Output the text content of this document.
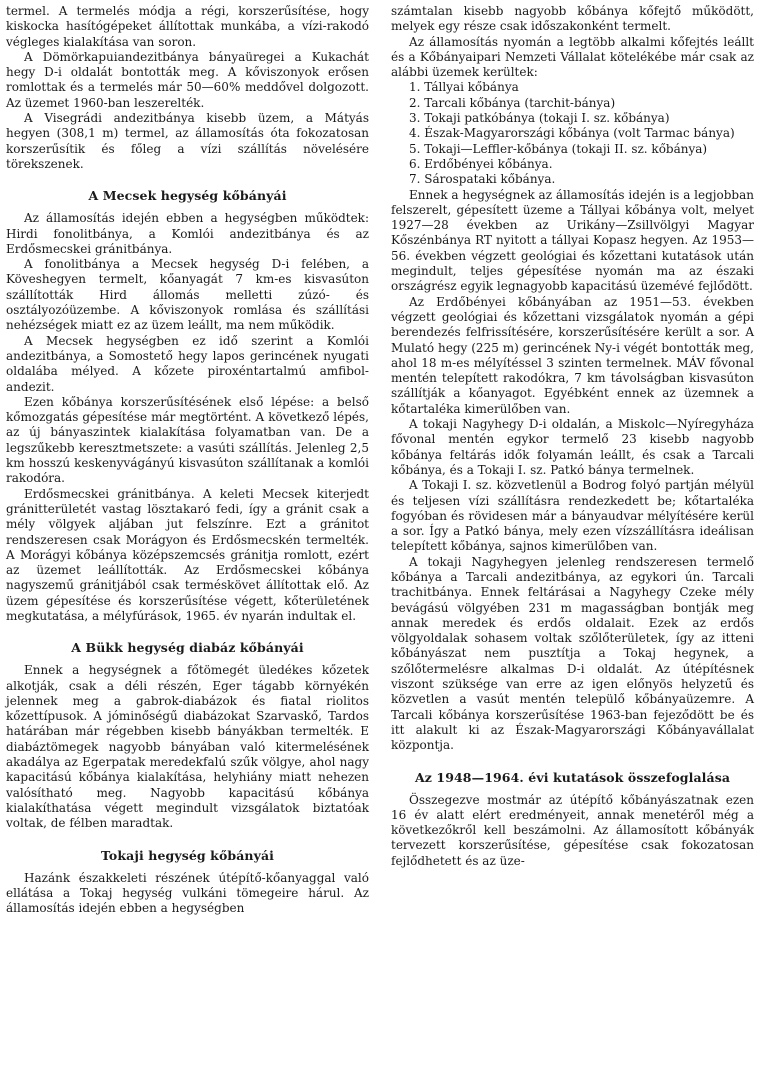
termel. A termelés módja a régi, korszerűsítése, hogy kiskocka hasítógépeket állítottak munkába, a vízi-rakodó végleges kialakítása van soron.

A Dömörkapuiandezitbánya bányaüregei a Kukachát hegy D-i oldalát bontották meg. A kőviszonyok erősen romlottak és a termelés már 50—60% meddővel dolgozott. Az üzemet 1960-ban leszerelték.

A Visegrádi andezitbánya kisebb üzem, a Mátyás hegyen (308,1 m) termel, az államosítás óta fokozatosan korszerűsítik és főleg a vízi szállítás növelésére törekszenek.

A Mecsek hegység kőbányái

Az államosítás idején ebben a hegységben működtek: Hirdi fonolitbánya, a Komlói andezitbánya és az Erdősmecskei gránitbánya.

A fonolitbánya a Mecsek hegység D-i felében, a Köveshegyen termelt, kőanyagát 7 km-es kisvasúton szállították Hird állomás melletti zúzó- és osztályozóüzembe. A kőviszonyok romlása és szállítási nehézségek miatt ez az üzem leállt, ma nem működik.

A Mecsek hegységben ez idő szerint a Komlói andezitbánya, a Somostető hegy lapos gerincének nyugati oldalába mélyed. A kőzete piroxéntartalmú amfibol-andezit.

Ezen kőbánya korszerűsítésének első lépése: a belső kőmozgatás gépesítése már megtörtént. A következő lépés, az új bányaszintek kialakítása folyamatban van. De a legszűkebb keresztmetszete: a vasúti szállítás. Jelenleg 2,5 km hosszú keskenyvágányú kisvasúton szállítanak a komlói rakodóra.

Erdősmecskei gránitbánya. A keleti Mecsek kiterjedt gránitterületét vastag lösztakaró fedi, így a gránit csak a mély völgyek aljában jut felszínre. Ezt a gránitot rendszeresen csak Morágyon és Erdősmecskén termelték. A Morágyi kőbánya középszemcsés gránitja romlott, ezért az üzemet leállították. Az Erdősmecskei kőbánya nagyszemű gránitjából csak terméskövet állítottak elő. Az üzem gépesítése és korszerűsítése végett, kőterületének megkutatása, a mélyfúrások, 1965. év nyarán indultak el.

A Bükk hegység diabáz kőbányái

Ennek a hegységnek a főtömegét üledékes kőzetek alkotják, csak a déli részén, Eger tágabb környékén jelennek meg a gabrok-diabázok és fiatal riolitos kőzettípusok. A jóminőségű diabázokat Szarvaskő, Tardos határában már régebben kisebb bányákban termelték. E diabáztömegek nagyobb bányában való kitermelésének akadálya az Egerpatak meredekfalú szűk völgye, ahol nagy kapacitású kőbánya kialakítása, helyhiány miatt nehezen valósítható meg. Nagyobb kapacitású kőbánya kialakíthatása végett megindult vizsgálatok biztatóak voltak, de félben maradtak.

Tokaji hegység kőbányái

Hazánk északkeleti részének útépítő-kőanyaggal való ellátása a Tokaj hegység vulkáni tömegeire hárul. Az államosítás idején ebben a hegységben

számtalan kisebb nagyobb kőbánya kőfejtő működött, melyek egy része csak időszakonként termelt.

Az államosítás nyomán a legtöbb alkalmi kőfejtés leállt és a Kőbányaipari Nemzeti Vállalat kötelékébe már csak az alábbi üzemek kerültek:

1. Tállyai kőbánya
2. Tarcali kőbánya (tarchit-bánya)
3. Tokaji patkóbánya (tokaji I. sz. kőbánya)
4. Észak-Magyarországi kőbánya (volt Tarmac bánya)
5. Tokaji—Leffler-kőbánya (tokaji II. sz. kőbánya)
6. Erdőbényei kőbánya.
7. Sárospataki kőbánya.

Ennek a hegységnek az államosítás idején is a legjobban felszerelt, gépesített üzeme a Tállyai kőbánya volt, melyet 1927—28 években az Urikány—Zsillvölgyi Magyar Kőszénbánya RT nyitott a tállyai Kopasz hegyen. Az 1953—56. években végzett geológiai és kőzettani kutatások után megindult, teljes gépesítése nyomán ma az északi országrész egyik legnagyobb kapacitású üzemévé fejlődött.

Az Erdőbényei kőbányában az 1951—53. években végzett geológiai és kőzettani vizsgálatok nyomán a gépi berendezés felfrissítésére, korszerűsítésére került a sor. A Mulató hegy (225 m) gerincének Ny-i végét bontották meg, ahol 18 m-es mélyítéssel 3 szinten termelnek. MÁV fővonal mentén telepített rakodókra, 7 km távolságban kisvasúton szállítják a kőanyagot. Egyébként ennek az üzemnek a kőtartaléka kimerülőben van.

A tokaji Nagyhegy D-i oldalán, a Miskolc—Nyíregyháza fővonal mentén egykor termelő 23 kisebb nagyobb kőbánya feltárás idők folyamán leállt, és csak a Tarcali kőbánya, és a Tokaji I. sz. Patkó bánya termelnek.

A Tokaji I. sz. közvetlenül a Bodrog folyó partján mélyül és teljesen vízi szállításra rendezkedett be; kőtartaléka fogyóban és rövidesen már a bányaudvar mélyítésére kerül a sor. Így a Patkó bánya, mely ezen vízszállításra ideálisan telepített kőbánya, sajnos kimerülőben van.

A tokaji Nagyhegyen jelenleg rendszeresen termelő kőbánya a Tarcali andezitbánya, az egykori ún. Tarcali trachitbánya. Ennek feltárásai a Nagyhegy Czeke mély bevágású völgyében 231 m magasságban bontják meg annak meredek és erdős oldalait. Ezek az erdős völgyoldalak sohasem voltak szőlőterületek, így az itteni kőbányászat nem pusztítja a Tokaj hegynek, a szőlőtermelésre alkalmas D-i oldalát. Az útépítésnek viszont szüksége van erre az igen előnyös helyzetű és közvetlen a vasút mentén települő kőbányaüzemre. A Tarcali kőbánya korszerűsítése 1963-ban fejeződött be és itt alakult ki az Észak-Magyarországi Kőbányavállalat központja.

Az 1948—1964. évi kutatások összefoglalása

Összegezve mostmár az útépítő kőbányászatnak ezen 16 év alatt elért eredményeit, annak menetéről még a következőkről kell beszámolni. Az államosított kőbányák tervezett korszerűsítése, gépesítése csak fokozatosan fejlődhetett és az üze-
